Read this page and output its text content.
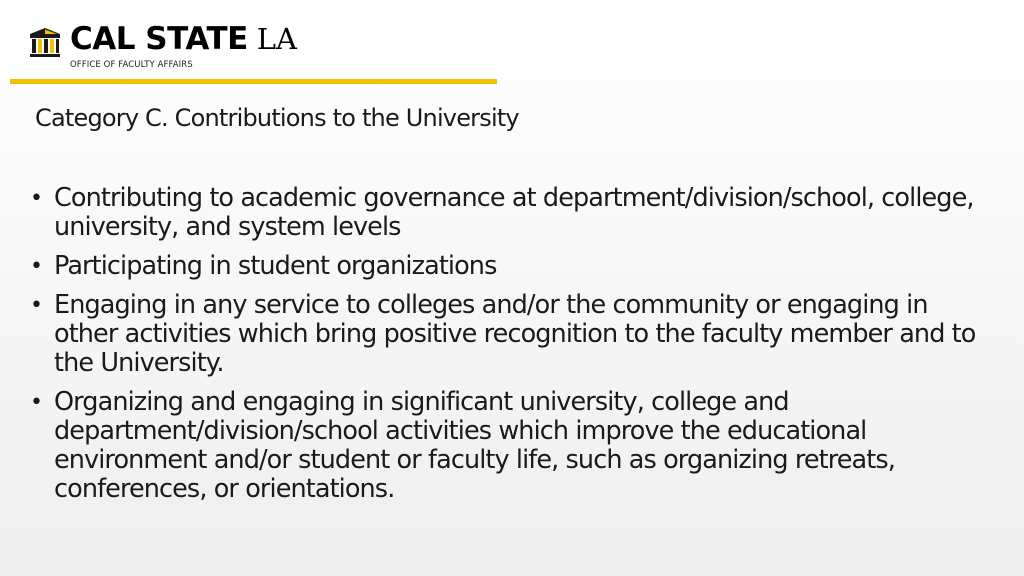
CAL STATE LA
OFFICE OF FACULTY AFFAIRS
Category C. Contributions to the University
• Contributing to academic governance at department/division/school, college, university, and system levels
• Participating in student organizations
• Engaging in any service to colleges and/or the community or engaging in other activities which bring positive recognition to the faculty member and to the University.
• Organizing and engaging in significant university, college and department/division/school activities which improve the educational environment and/or student or faculty life, such as organizing retreats, conferences, or orientations.
